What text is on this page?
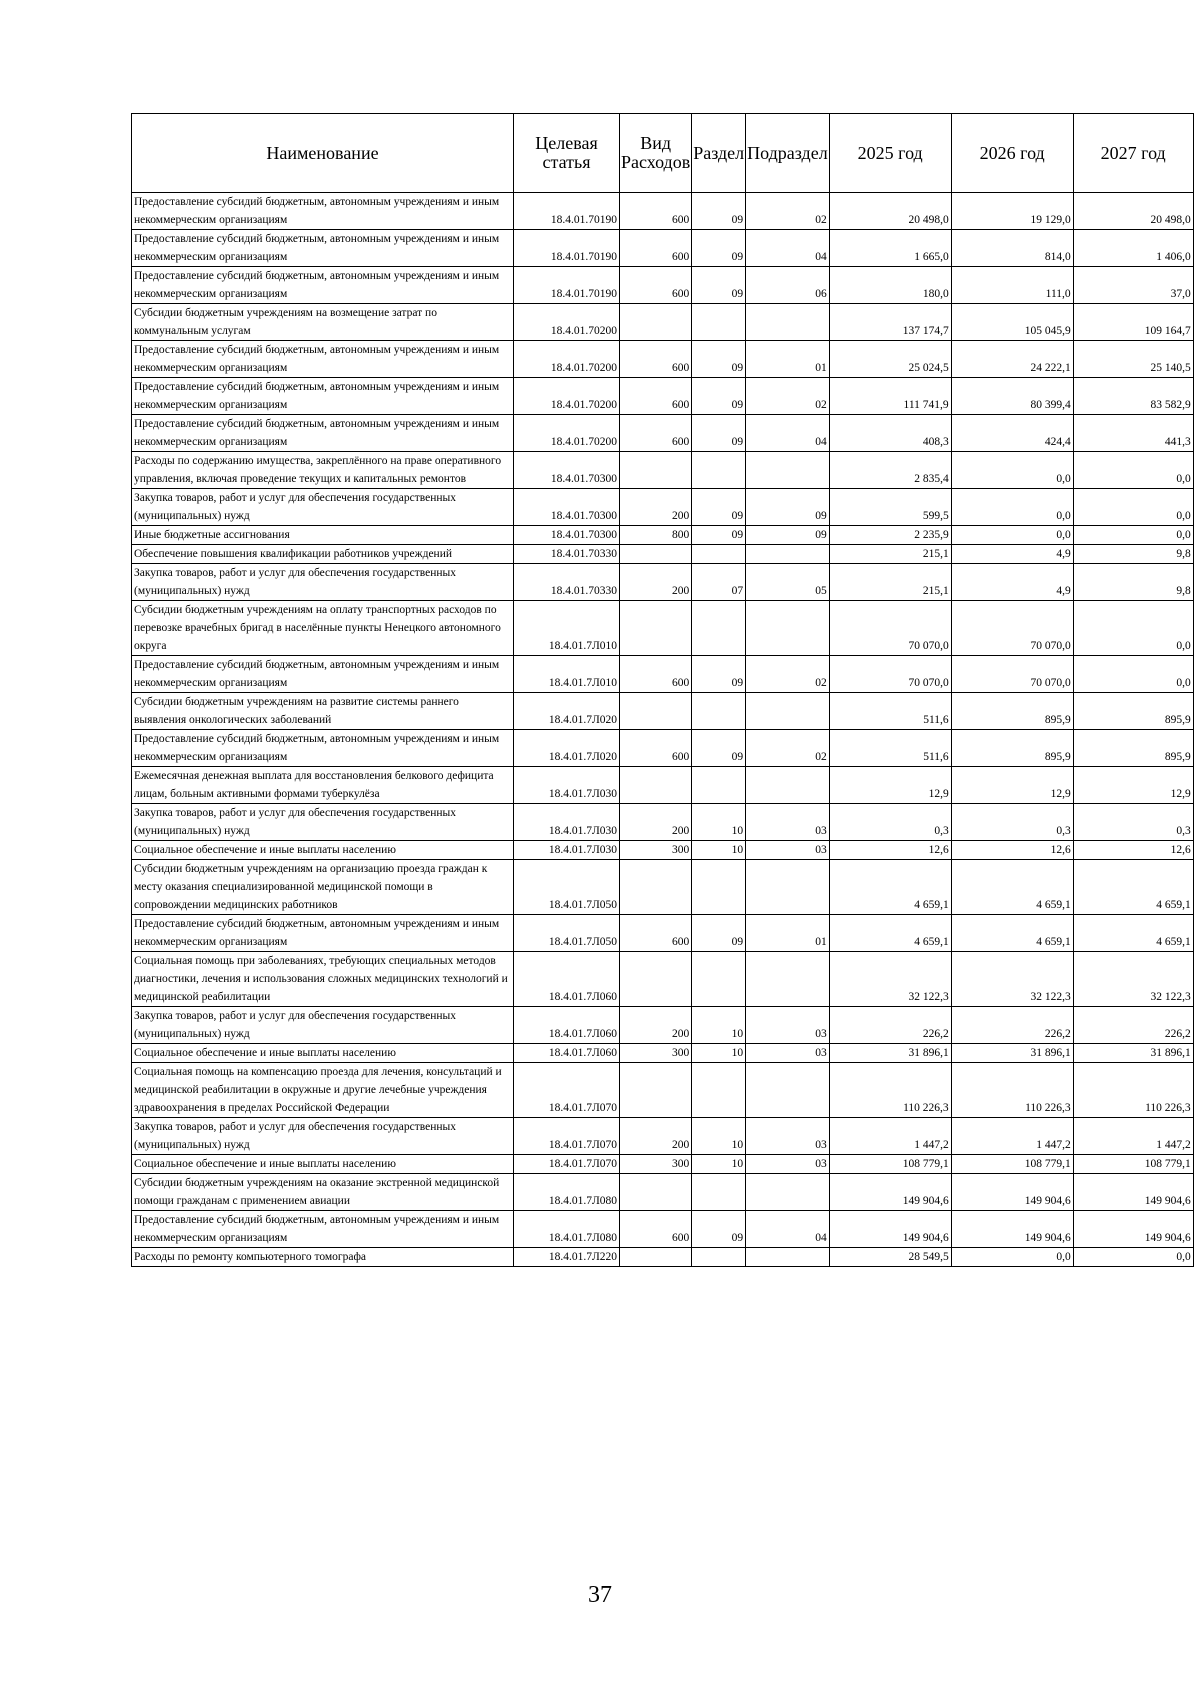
Наименование	Целевая статья	Вид Расходов	Раздел	Подраздел	2025 год	2026 год	2027 год
Предоставление субсидий бюджетным, автономным учреждениям и иным некоммерческим организациям	18.4.01.70190	600	09	02	20 498,0	19 129,0	20 498,0
Предоставление субсидий бюджетным, автономным учреждениям и иным некоммерческим организациям	18.4.01.70190	600	09	04	1 665,0	814,0	1 406,0
Предоставление субсидий бюджетным, автономным учреждениям и иным некоммерческим организациям	18.4.01.70190	600	09	06	180,0	111,0	37,0
Субсидии бюджетным учреждениям на возмещение затрат по коммунальным услугам	18.4.01.70200				137 174,7	105 045,9	109 164,7
Предоставление субсидий бюджетным, автономным учреждениям и иным некоммерческим организациям	18.4.01.70200	600	09	01	25 024,5	24 222,1	25 140,5
Предоставление субсидий бюджетным, автономным учреждениям и иным некоммерческим организациям	18.4.01.70200	600	09	02	111 741,9	80 399,4	83 582,9
Предоставление субсидий бюджетным, автономным учреждениям и иным некоммерческим организациям	18.4.01.70200	600	09	04	408,3	424,4	441,3
Расходы по содержанию имущества, закреплённого на праве оперативного управления, включая проведение текущих и капитальных ремонтов	18.4.01.70300				2 835,4	0,0	0,0
Закупка товаров, работ и услуг для обеспечения государственных (муниципальных) нужд	18.4.01.70300	200	09	09	599,5	0,0	0,0
Иные бюджетные ассигнования	18.4.01.70300	800	09	09	2 235,9	0,0	0,0
Обеспечение повышения квалификации работников учреждений	18.4.01.70330				215,1	4,9	9,8
Закупка товаров, работ и услуг для обеспечения государственных (муниципальных) нужд	18.4.01.70330	200	07	05	215,1	4,9	9,8
Субсидии бюджетным учреждениям на оплату транспортных расходов по перевозке врачебных бригад в населённые пункты Ненецкого автономного округа	18.4.01.7Л010				70 070,0	70 070,0	0,0
Предоставление субсидий бюджетным, автономным учреждениям и иным некоммерческим организациям	18.4.01.7Л010	600	09	02	70 070,0	70 070,0	0,0
Субсидии бюджетным учреждениям на развитие системы раннего выявления онкологических заболеваний	18.4.01.7Л020				511,6	895,9	895,9
Предоставление субсидий бюджетным, автономным учреждениям и иным некоммерческим организациям	18.4.01.7Л020	600	09	02	511,6	895,9	895,9
Ежемесячная денежная выплата для восстановления белкового дефицита лицам, больным активными формами туберкулёза	18.4.01.7Л030				12,9	12,9	12,9
Закупка товаров, работ и услуг для обеспечения государственных (муниципальных) нужд	18.4.01.7Л030	200	10	03	0,3	0,3	0,3
Социальное обеспечение и иные выплаты населению	18.4.01.7Л030	300	10	03	12,6	12,6	12,6
Субсидии бюджетным учреждениям на организацию проезда граждан к месту оказания специализированной медицинской помощи в сопровождении медицинских работников	18.4.01.7Л050				4 659,1	4 659,1	4 659,1
Предоставление субсидий бюджетным, автономным учреждениям и иным некоммерческим организациям	18.4.01.7Л050	600	09	01	4 659,1	4 659,1	4 659,1
Социальная помощь при заболеваниях, требующих специальных методов диагностики, лечения и использования сложных медицинских технологий и медицинской реабилитации	18.4.01.7Л060				32 122,3	32 122,3	32 122,3
Закупка товаров, работ и услуг для обеспечения государственных (муниципальных) нужд	18.4.01.7Л060	200	10	03	226,2	226,2	226,2
Социальное обеспечение и иные выплаты населению	18.4.01.7Л060	300	10	03	31 896,1	31 896,1	31 896,1
Социальная помощь на компенсацию проезда для лечения, консультаций и медицинской реабилитации в окружные и другие лечебные учреждения здравоохранения в пределах Российской Федерации	18.4.01.7Л070				110 226,3	110 226,3	110 226,3
Закупка товаров, работ и услуг для обеспечения государственных (муниципальных) нужд	18.4.01.7Л070	200	10	03	1 447,2	1 447,2	1 447,2
Социальное обеспечение и иные выплаты населению	18.4.01.7Л070	300	10	03	108 779,1	108 779,1	108 779,1
Субсидии бюджетным учреждениям на оказание экстренной медицинской помощи гражданам с применением авиации	18.4.01.7Л080				149 904,6	149 904,6	149 904,6
Предоставление субсидий бюджетным, автономным учреждениям и иным некоммерческим организациям	18.4.01.7Л080	600	09	04	149 904,6	149 904,6	149 904,6
Расходы по ремонту компьютерного томографа	18.4.01.7Л220				28 549,5	0,0	0,0
37
